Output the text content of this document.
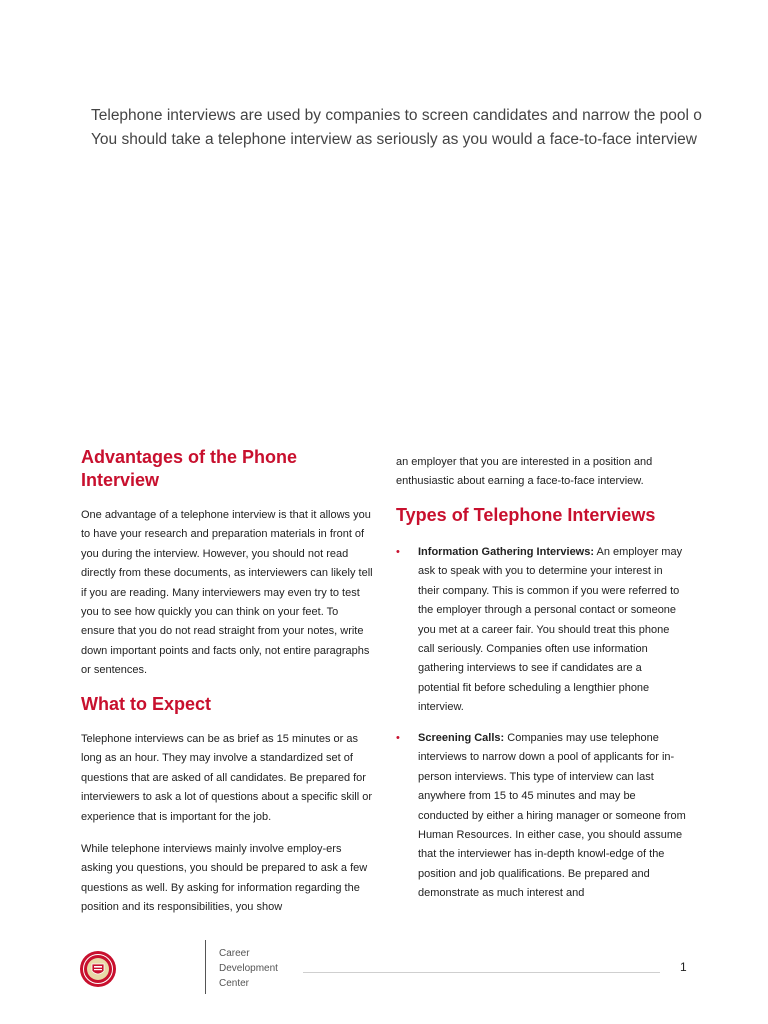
Telephone interviews are used by companies to screen candidates and narrow the pool o
You should take a telephone interview as seriously as you would a face-to-face interview
Advantages of the Phone Interview

One advantage of a telephone interview is that it allows you to have your research and preparation materials in front of you during the interview. However, you should not read directly from these documents, as interviewers can likely tell if you are reading. Many interviewers may even try to test you to see how quickly you can think on your feet. To ensure that you do not read straight from your notes, write down important points and facts only, not entire paragraphs or sentences.

What to Expect

Telephone interviews can be as brief as 15 minutes or as long as an hour. They may involve a standardized set of questions that are asked of all candidates. Be prepared for interviewers to ask a lot of questions about a specific skill or experience that is important for the job.

While telephone interviews mainly involve employ-ers asking you questions, you should be prepared to ask a few questions as well. By asking for information regarding the position and its responsibilities, you show

an employer that you are interested in a position and enthusiastic about earning a face-to-face interview.

Types of Telephone Interviews
• Information Gathering Interviews: An employer may ask to speak with you to determine your interest in their company. This is common if you were referred to the employer through a personal contact or someone you met at a career fair. You should treat this phone call seriously. Companies often use information gathering interviews to see if candidates are a potential fit before scheduling a lengthier phone interview.
• Screening Calls: Companies may use telephone interviews to narrow down a pool of applicants for in-person interviews. This type of interview can last anywhere from 15 to 45 minutes and may be conducted by either a hiring manager or someone from Human Resources. In either case, you should assume that the interviewer has in-depth knowl-edge of the position and job qualifications. Be prepared and demonstrate as much interest and
Career
Development
Center
1
